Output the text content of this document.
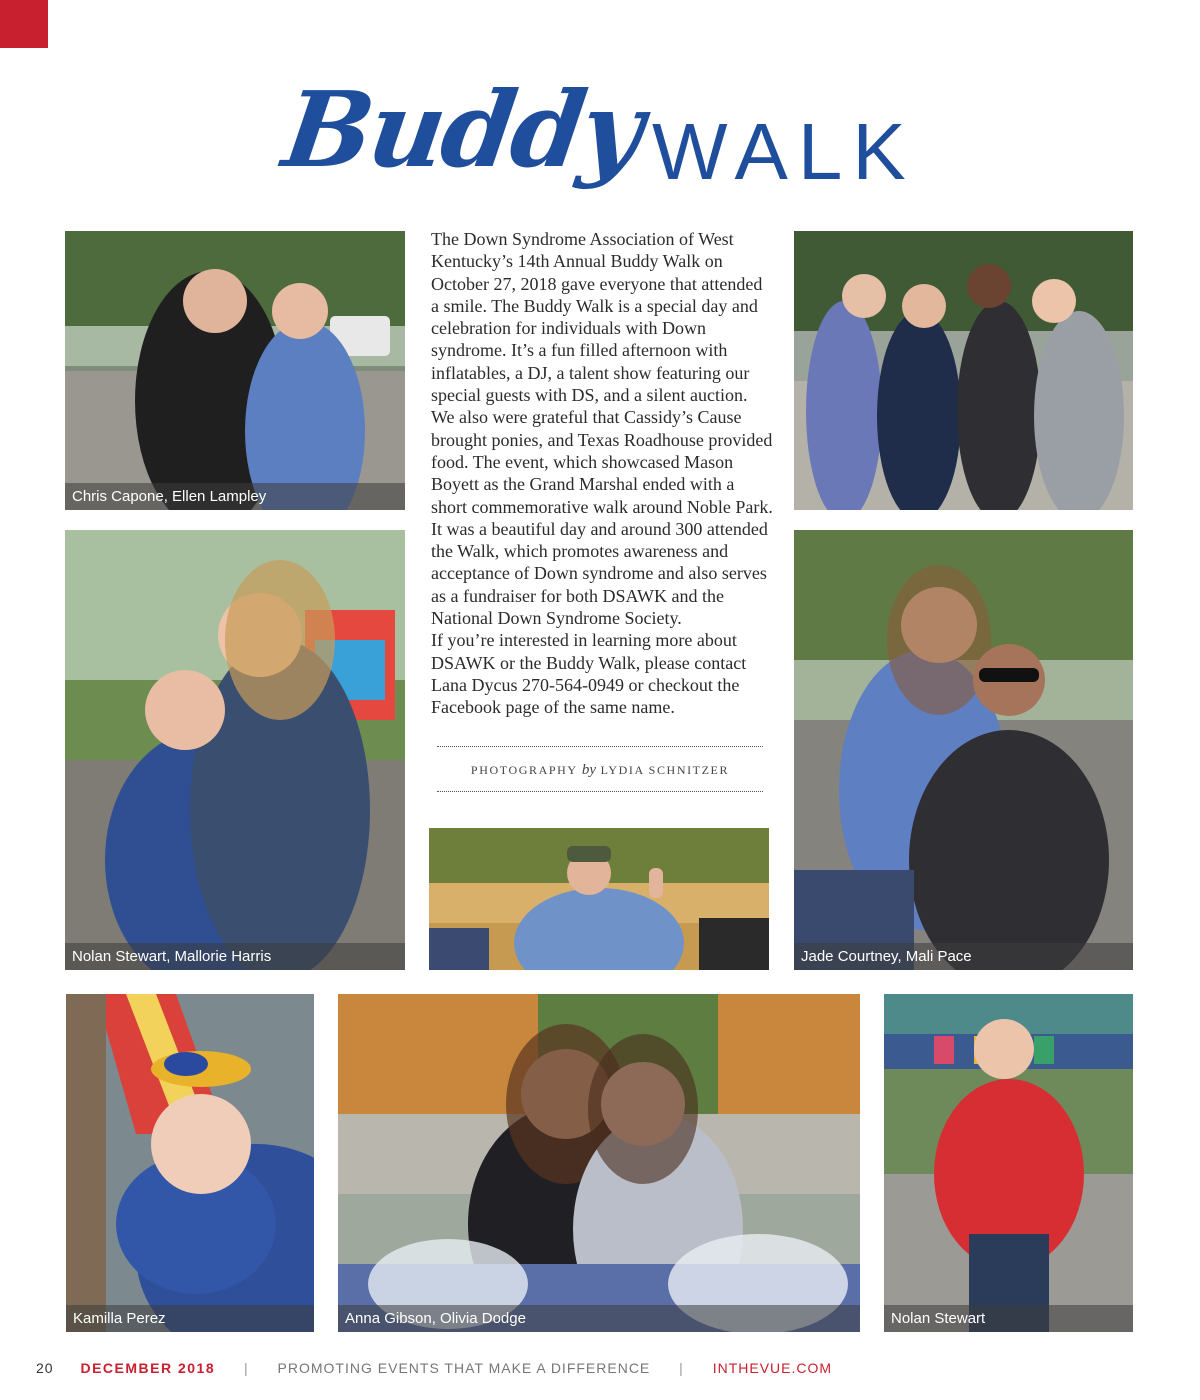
Buddy WALK
Chris Capone, Ellen Lampley
Nolan Stewart, Mallorie Harris	Jade Courtney, Mali Pace
Kamilla Perez	Anna Gibson, Olivia Dodge	Nolan Stewart

The Down Syndrome Association of West Kentucky’s 14th Annual Buddy Walk on October 27, 2018 gave everyone that attended a smile. The Buddy Walk is a special day and celebration for individuals with Down syndrome. It’s a fun filled afternoon with inflatables, a DJ, a talent show featuring our special guests with DS, and a silent auction. We also were grateful that Cassidy’s Cause brought ponies, and Texas Roadhouse provided food. The event, which showcased Mason Boyett as the Grand Marshal ended with a short commemorative walk around Noble Park. It was a beautiful day and around 300 attended the Walk, which promotes awareness and acceptance of Down syndrome and also serves as a fundraiser for both DSAWK and the National Down Syndrome Society.

If you’re interested in learning more about DSAWK or the Buddy Walk, please contact Lana Dycus 270-564-0949 or checkout the Facebook page of the same name.

PHOTOGRAPHY by LYDIA SCHNITZER
20 DECEMBER 2018 | PROMOTING EVENTS THAT MAKE A DIFFERENCE | INTHEVUE.COM
